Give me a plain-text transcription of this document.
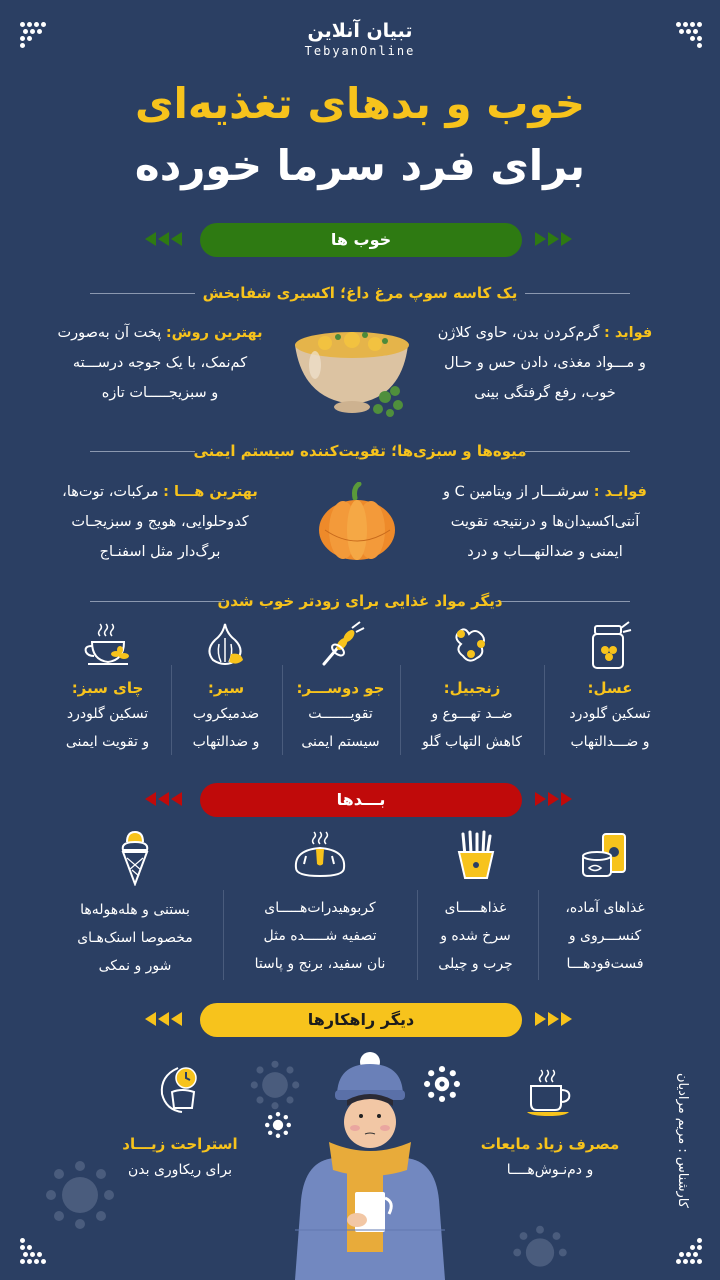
تبیان آنلاین
TebyanOnline
خوب و بدهای تغذیه‌ای
برای فرد سرما خورده
خوب ها
یک کاسه سوپ مرغ داغ؛ اکسیری شفابخش
فواید : گرم‌کردن بدن، حاوی کلاژن
و مـــواد مغذی، دادن حس و حـال
خوب، رفع گرفتگی بینی
بهترین روش: پخت آن به‌صورت
کم‌نمک، با یک جوجه درســـته
و سبزیجـــــات تازه
میوه‌ها و سبزی‌ها؛ تقویت‌کننده سیستم ایمنی
فوایـد : سرشـــار از ویتامین C و
آنتی‌اکسیدان‌ها و درنتیجه تقویت
ایمنی و ضدالتهـــاب و درد
بهترین هـــا : مرکبات، توت‌ها،
کدوحلوایی، هویج و سبزیجـات
برگ‌دار مثل اسفنـاج
دیگر مواد غذایی برای زودتر خوب شدن
عسل:
تسکین گلودرد
و ضـــدالتهاب
زنجبیل:
ضــد تهـــوع و
کاهش التهاب گلو
جو دوســـر:
تقویـــــــت
سیستم ایمنی
سیر:
ضدمیکروب
و ضدالتهاب
چای سبز:
تسکین گلودرد
و تقویت ایمنی
بـــدها
غذاهای آماده،
کنســـروی و
فست‌فودهـــا
غذاهـــــای
سرخ شده و
چرب و چیلی
کربوهیدرات‌هـــــای
تصفیه شـــــده مثل
نان سفید، برنج و پاستا
بستنی و هله‌هوله‌ها
مخصوصا اسنک‌هـای
شور و نمکی
دیگر راهکارها
مصرف زیاد مایعات
و دم‌نـوش‌هــــا
استراحت زیـــاد
برای ریکاوری بدن	کارشناس : مریم مرادیان
